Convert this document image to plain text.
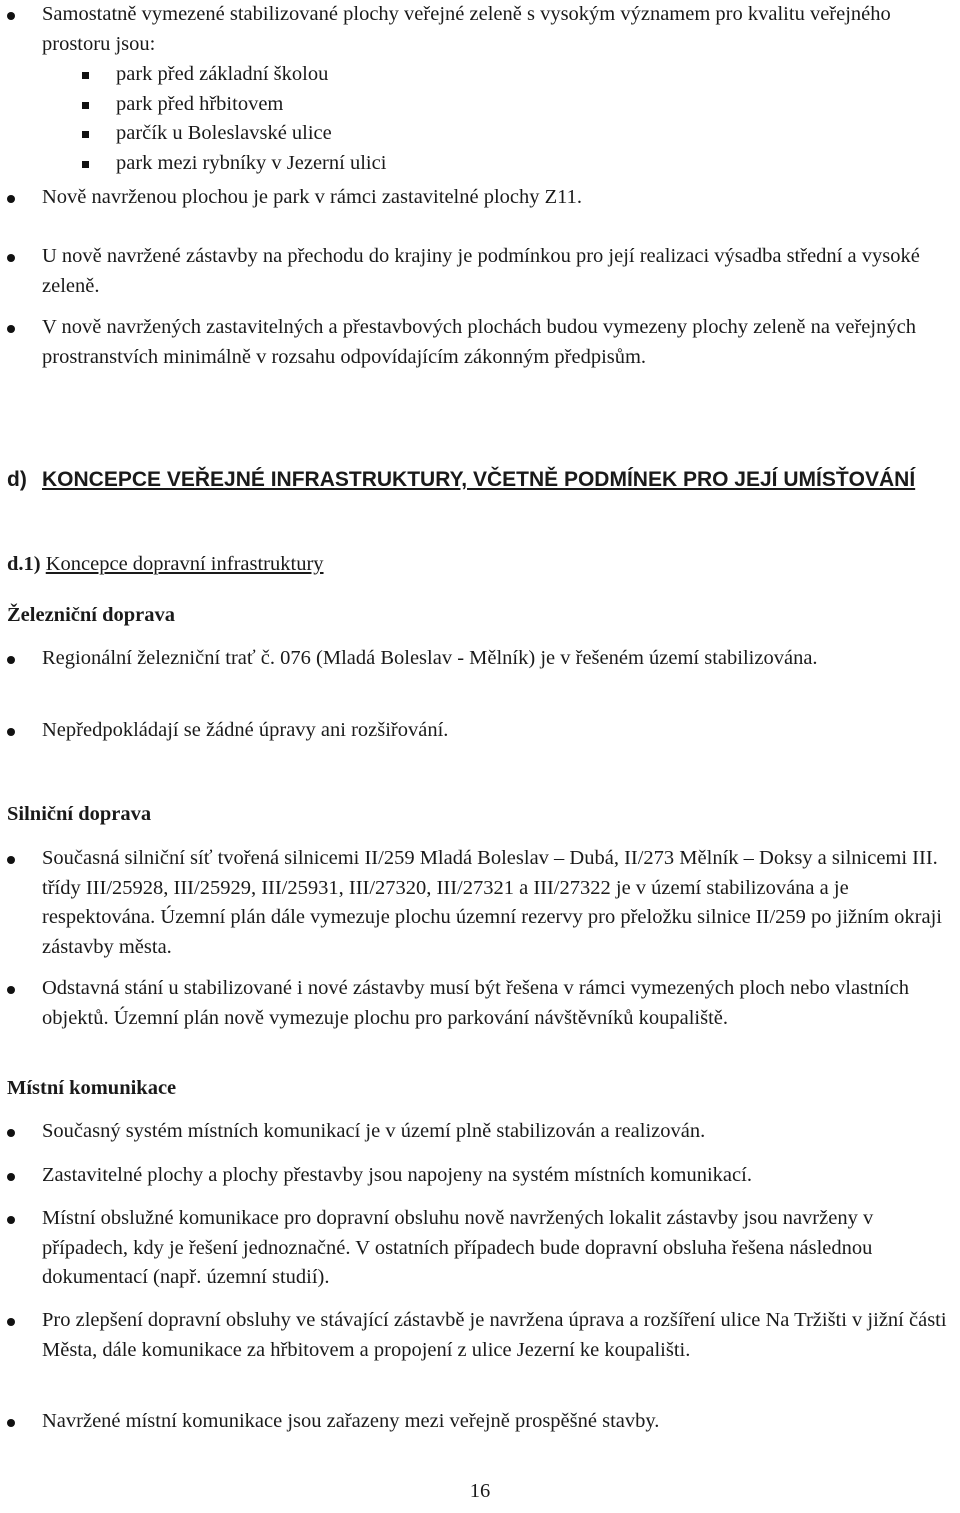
Samostatně vymezené stabilizované plochy veřejné zeleně s vysokým významem pro kvalitu veřejného prostoru jsou:

park před základní školou

park před hřbitovem

parčík u Boleslavské ulice

park mezi rybníky v Jezerní ulici

Nově navrženou plochou je park v rámci zastavitelné plochy Z11.

U nově navržené zástavby na přechodu do krajiny je podmínkou pro její realizaci výsadba střední a vysoké zeleně.

V nově navržených zastavitelných a přestavbových plochách budou vymezeny plochy zeleně na veřejných prostranstvích minimálně v rozsahu odpovídajícím zákonným předpisům.

d) KONCEPCE VEŘEJNÉ INFRASTRUKTURY, VČETNĚ PODMÍNEK PRO JEJÍ UMÍSŤOVÁNÍ

d.1) Koncepce dopravní infrastruktury

Železniční doprava

Regionální železniční trať č. 076 (Mladá Boleslav - Mělník) je v řešeném území stabilizována.

Nepředpokládají se žádné úpravy ani rozšiřování.

Silniční doprava

Současná silniční síť tvořená silnicemi II/259 Mladá Boleslav – Dubá, II/273 Mělník – Doksy a silnicemi III. třídy III/25928, III/25929, III/25931, III/27320, III/27321 a III/27322 je v území stabilizována a je respektována. Územní plán dále vymezuje plochu územní rezervy pro přeložku silnice II/259 po jižním okraji zástavby města.

Odstavná stání u stabilizované i nové zástavby musí být řešena v rámci vymezených ploch nebo vlastních objektů. Územní plán nově vymezuje plochu pro parkování návštěvníků koupaliště.

Místní komunikace

Současný systém místních komunikací je v území plně stabilizován a realizován.

Zastavitelné plochy a plochy přestavby jsou napojeny na systém místních komunikací.

Místní obslužné komunikace pro dopravní obsluhu nově navržených lokalit zástavby jsou navrženy v případech, kdy je řešení jednoznačné. V ostatních případech bude dopravní obsluha řešena následnou dokumentací (např. územní studií).

Pro zlepšení dopravní obsluhy ve stávající zástavbě je navržena úprava a rozšíření ulice Na Tržišti v jižní části Města, dále komunikace za hřbitovem a propojení z ulice Jezerní ke koupališti.

Navržené místní komunikace jsou zařazeny mezi veřejně prospěšné stavby.

16
